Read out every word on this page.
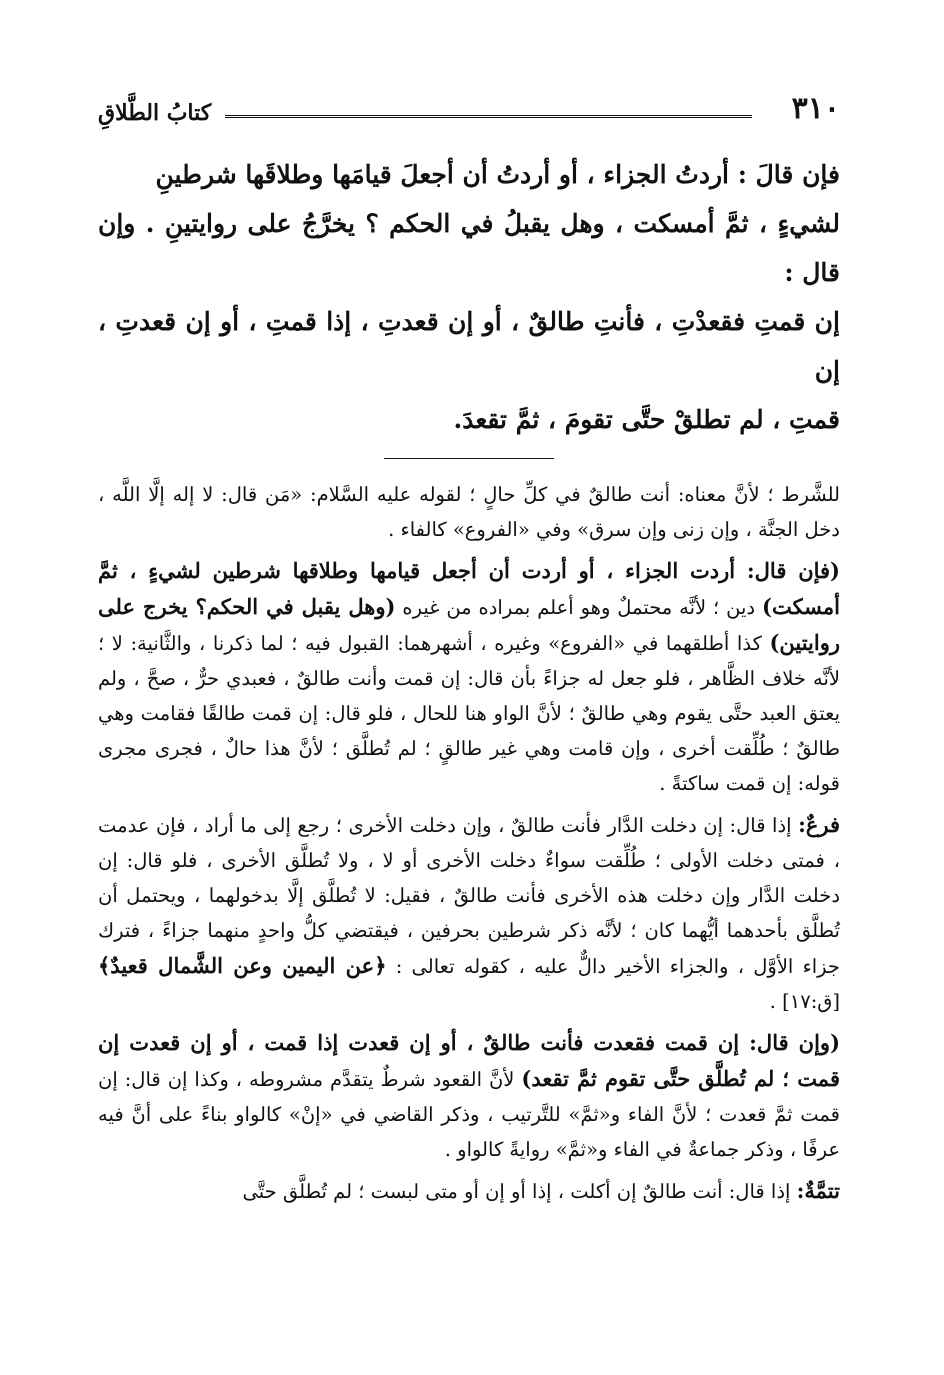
٣١٠
كتابُ الطَّلاقِ

فإن قالَ : أردتُ الجزاء ، أو أردتُ أن أجعلَ قيامَها وطلاقَها شرطينِ

لشيءٍ ، ثمَّ أمسكت ، وهل يقبلُ في الحكم ؟ يخرَّجُ على روايتينِ . وإن قال :

إن قمتِ فقعدْتِ ، فأنتِ طالقٌ ، أو إن قعدتِ ، إذا قمتِ ، أو إن قعدتِ ، إن

قمتِ ، لم تطلقْ حتَّى تقومَ ، ثمَّ تقعدَ.

للشَّرط ؛ لأنَّ معناه: أنت طالقٌ في كلِّ حالٍ ؛ لقوله عليه السَّلام: «مَن قال: لا إله إلَّا اللَّه ، دخل الجنَّة ، وإن زنى وإن سرق» وفي «الفروع» كالفاء .

(فإن قال: أردت الجزاء ، أو أردت أن أجعل قيامها وطلاقها شرطين لشيءٍ ، ثمَّ أمسكت) دين ؛ لأنَّه محتملٌ وهو أعلم بمراده من غيره (وهل يقبل في الحكم؟ يخرج على روايتين) كذا أطلقهما في «الفروع» وغيره ، أشهرهما: القبول فيه ؛ لما ذكرنا ، والثَّانية: لا ؛ لأنَّه خلاف الظَّاهر ، فلو جعل له جزاءً بأن قال: إن قمت وأنت طالقٌ ، فعبدي حرٌّ ، صحَّ ، ولم يعتق العبد حتَّى يقوم وهي طالقٌ ؛ لأنَّ الواو هنا للحال ، فلو قال: إن قمت طالقًا فقامت وهي طالقٌ ؛ طُلِّقت أخرى ، وإن قامت وهي غير طالقٍ ؛ لم تُطلَّق ؛ لأنَّ هذا حالٌ ، فجرى مجرى قوله: إن قمت ساكتةً .

فرعٌ: إذا قال: إن دخلت الدَّار فأنت طالقٌ ، وإن دخلت الأخرى ؛ رجع إلى ما أراد ، فإن عدمت ، فمتى دخلت الأولى ؛ طُلِّقت سواءٌ دخلت الأخرى أو لا ، ولا تُطلَّق الأخرى ، فلو قال: إن دخلت الدَّار وإن دخلت هذه الأخرى فأنت طالقٌ ، فقيل: لا تُطلَّق إلَّا بدخولهما ، ويحتمل أن تُطلَّق بأحدهما أيُّهما كان ؛ لأنَّه ذكر شرطين بحرفين ، فيقتضي كلُّ واحدٍ منهما جزاءً ، فترك جزاء الأوَّل ، والجزاء الأخير دالٌّ عليه ، كقوله تعالى : ﴿عن اليمين وعن الشَّمال قعيدٌ﴾ [ق:١٧] .

(وإن قال: إن قمت فقعدت فأنت طالقٌ ، أو إن قعدت إذا قمت ، أو إن قعدت إن قمت ؛ لم تُطلَّق حتَّى تقوم ثمَّ تقعد) لأنَّ القعود شرطٌ يتقدَّم مشروطه ، وكذا إن قال: إن قمت ثمَّ قعدت ؛ لأنَّ الفاء و«ثمَّ» للتَّرتيب ، وذكر القاضي في «إنْ» كالواو بناءً على أنَّ فيه عرفًا ، وذكر جماعةٌ في الفاء و«ثمَّ» روايةً كالواو .

تتمَّةٌ: إذا قال: أنت طالقٌ إن أكلت ، إذا أو إن أو متى لبست ؛ لم تُطلَّق حتَّى
